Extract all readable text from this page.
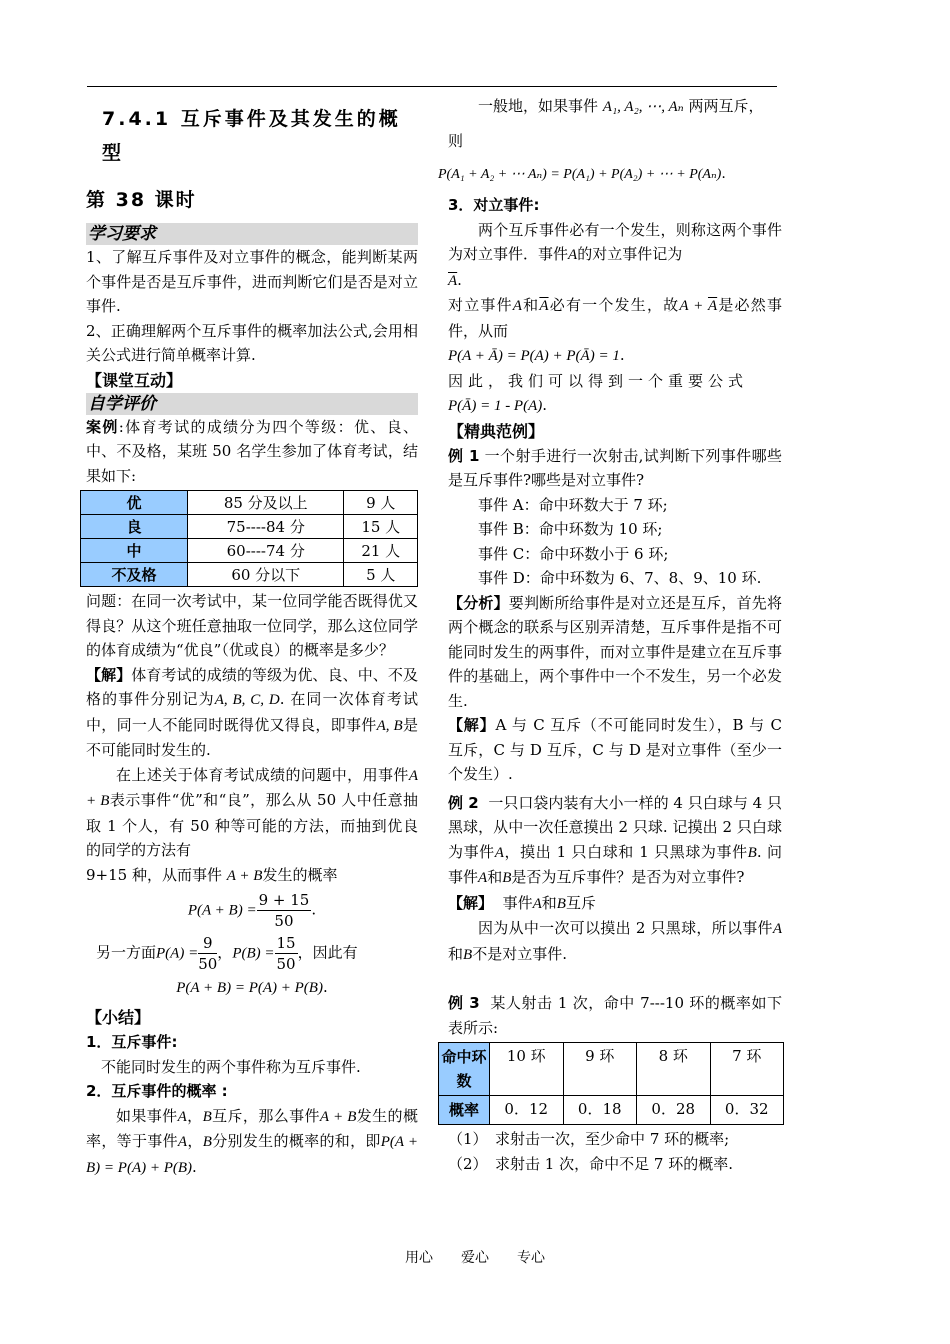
7.4.1 互斥事件及其发生的概型
第 38 课时
学习要求

1、了解互斥事件及对立事件的概念，能判断某两个事件是否是互斥事件，进而判断它们是否是对立事件.

2、正确理解两个互斥事件的概率加法公式,会用相关公式进行简单概率计算.

【课堂互动】
自学评价

案例:体育考试的成绩分为四个等级：优、良、中、不及格，某班 50 名学生参加了体育考试，结果如下:

优	85 分及以上	9 人
良	75----84 分	15 人
中	60----74 分	21 人
不及格	60 分以下	5 人

问题：在同一次考试中，某一位同学能否既得优又得良？从这个班任意抽取一位同学，那么这位同学的体育成绩为“优良”（优或良）的概率是多少？

【解】体育考试的成绩的等级为优、良、中、不及格的事件分别记为A, B, C, D. 在同一次体育考试中，同一人不能同时既得优又得良，即事件A, B是不可能同时发生的.

在上述关于体育考试成绩的问题中，用事件A + B表示事件“优”和“良”，那么从 50 人中任意抽取 1 个人，有 50 种等可能的方法，而抽到优良的同学的方法有

9+15 种，从而事件 A + B发生的概率

$P(A + B) = \frac{9 + 15}{50}$ .
另一方面$P(A) = \frac{9}{50}$ ，$P(B) = \frac{15}{50}$ ，因此有
P(A + B) = P(A) + P(B).
【小结】

1．互斥事件:

不能同时发生的两个事件称为互斥事件.

2．互斥事件的概率 :

如果事件A，B互斥，那么事件A + B发生的概率，等于事件A，B分别发生的概率的和，即P(A + B) = P(A) + P(B).

一般地，如果事件 A₁, A₂, ⋯, Aₙ 两两互斥，

则

P(A₁ + A₂ + ⋯ Aₙ) = P(A₁) + P(A₂) + ⋯ + P(Aₙ).

3．对立事件:

两个互斥事件必有一个发生，则称这两个事件为对立事件．事件A的对立事件记为

$\overline{A}$.

对立事件A和$\overline{A}$必有一个发生，故$A + \overline{A}$是必然事件，从而

P(A + Ā) = P(A) + P(Ā) = 1.

因此，我们可以得到一个重要公式

P(Ā) = 1 - P(A).

【精典范例】

例 1 一个射手进行一次射击,试判断下列事件哪些是互斥事件?哪些是对立事件?

事件 A：命中环数大于 7 环;

事件 B：命中环数为 10 环;

事件 C：命中环数小于 6 环;

事件 D：命中环数为 6、7、8、9、10 环.

【分析】要判断所给事件是对立还是互斥，首先将两个概念的联系与区别弄清楚，互斥事件是指不可能同时发生的两事件，而对立事件是建立在互斥事件的基础上，两个事件中一个不发生，另一个必发生.

【解】A 与 C 互斥（不可能同时发生），B 与 C 互斥，C 与 D 互斥，C 与 D 是对立事件（至少一个发生）.

例 2 一只口袋内装有大小一样的 4 只白球与 4 只黑球，从中一次任意摸出 2 只球. 记摸出 2 只白球为事件A，摸出 1 只白球和 1 只黑球为事件B. 问事件A和B是否为互斥事件？是否为对立事件?

【解】 事件A和B互斥

因为从中一次可以摸出 2 只黑球，所以事件A和B不是对立事件.

例 3 某人射击 1 次，命中 7---10 环的概率如下表所示:

命中环数	10 环	9 环	8 环	7 环
概率	0．12	0．18	0．28	0．32

（1）　求射击一次，至少命中 7 环的概率;

（2）　求射击 1 次，命中不足 7 环的概率.

用心 爱心 专心
